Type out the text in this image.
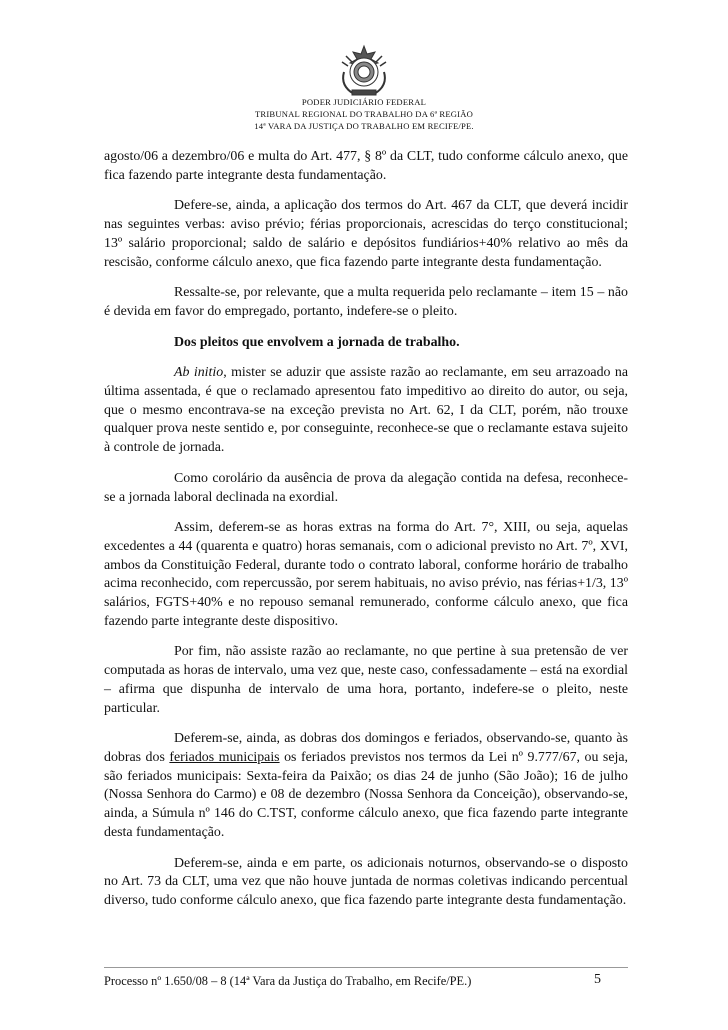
PODER JUDICIÁRIO FEDERAL
TRIBUNAL REGIONAL DO TRABALHO DA 6ª REGIÃO
14ª VARA DA JUSTIÇA DO TRABALHO EM RECIFE/PE.

agosto/06 a dezembro/06 e multa do Art. 477, § 8º da CLT, tudo conforme cálculo anexo, que fica fazendo parte integrante desta fundamentação.

Defere-se, ainda, a aplicação dos termos do Art. 467 da CLT, que deverá incidir nas seguintes verbas: aviso prévio; férias proporcionais, acrescidas do terço constitucional; 13º salário proporcional; saldo de salário e depósitos fundiários+40% relativo ao mês da rescisão, conforme cálculo anexo, que fica fazendo parte integrante desta fundamentação.

Ressalte-se, por relevante, que a multa requerida pelo reclamante – item 15 – não é devida em favor do empregado, portanto, indefere-se o pleito.

Dos pleitos que envolvem a jornada de trabalho.

Ab initio, mister se aduzir que assiste razão ao reclamante, em seu arrazoado na última assentada, é que o reclamado apresentou fato impeditivo ao direito do autor, ou seja, que o mesmo encontrava-se na exceção prevista no Art. 62, I da CLT, porém, não trouxe qualquer prova neste sentido e, por conseguinte, reconhece-se que o reclamante estava sujeito à controle de jornada.

Como corolário da ausência de prova da alegação contida na defesa, reconhece-se a jornada laboral declinada na exordial.

Assim, deferem-se as horas extras na forma do Art. 7°, XIII, ou seja, aquelas excedentes a 44 (quarenta e quatro) horas semanais, com o adicional previsto no Art. 7º, XVI, ambos da Constituição Federal, durante todo o contrato laboral, conforme horário de trabalho acima reconhecido, com repercussão, por serem habituais, no aviso prévio, nas férias+1/3, 13º salários, FGTS+40% e no repouso semanal remunerado, conforme cálculo anexo, que fica fazendo parte integrante deste dispositivo.

Por fim, não assiste razão ao reclamante, no que pertine à sua pretensão de ver computada as horas de intervalo, uma vez que, neste caso, confessadamente – está na exordial – afirma que dispunha de intervalo de uma hora, portanto, indefere-se o pleito, neste particular.

Deferem-se, ainda, as dobras dos domingos e feriados, observando-se, quanto às dobras dos feriados municipais os feriados previstos nos termos da Lei nº 9.777/67, ou seja, são feriados municipais: Sexta-feira da Paixão; os dias 24 de junho (São João); 16 de julho (Nossa Senhora do Carmo) e 08 de dezembro (Nossa Senhora da Conceição), observando-se, ainda, a Súmula nº 146 do C.TST, conforme cálculo anexo, que fica fazendo parte integrante desta fundamentação.

Deferem-se, ainda e em parte, os adicionais noturnos, observando-se o disposto no Art. 73 da CLT, uma vez que não houve juntada de normas coletivas indicando percentual diverso, tudo conforme cálculo anexo, que fica fazendo parte integrante desta fundamentação.

Processo nº 1.650/08 – 8 (14ª Vara da Justiça do Trabalho, em Recife/PE.)	5
